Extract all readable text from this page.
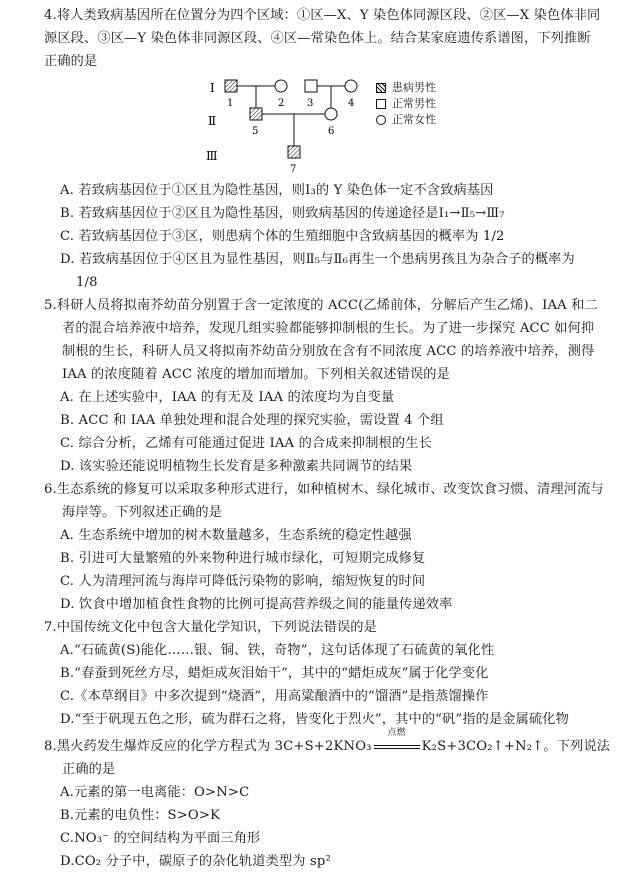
4.将人类致病基因所在位置分为四个区域：①区—X、Y 染色体同源区段、②区—X 染色体非同
源区段、③区—Y 染色体非同源区段、④区—常染色体上。结合某家庭遗传系谱图，下列推断
正确的是
Ⅰ
Ⅱ
Ⅲ
1	2 3	4
5	6
7
患病男性
正常男性
正常女性
A. 若致病基因位于①区且为隐性基因，则Ⅰ₃的 Y 染色体一定不含致病基因
B. 若致病基因位于②区且为隐性基因，则致病基因的传递途径是Ⅰ₁→Ⅱ₅→Ⅲ₇
C. 若致病基因位于③区，则患病个体的生殖细胞中含致病基因的概率为 1/2
D. 若致病基因位于④区且为显性基因，则Ⅱ₅与Ⅱ₆再生一个患病男孩且为杂合子的概率为
1/8
5.科研人员将拟南芥幼苗分别置于含一定浓度的 ACC(乙烯前体，分解后产生乙烯)、IAA 和二
者的混合培养液中培养，发现几组实验都能够抑制根的生长。为了进一步探究 ACC 如何抑
制根的生长，科研人员又将拟南芥幼苗分别放在含有不同浓度 ACC 的培养液中培养，测得
IAA 的浓度随着 ACC 浓度的增加而增加。下列相关叙述错误的是
A. 在上述实验中，IAA 的有无及 IAA 的浓度均为自变量
B. ACC 和 IAA 单独处理和混合处理的探究实验，需设置 4 个组
C. 综合分析，乙烯有可能通过促进 IAA 的合成来抑制根的生长
D. 该实验还能说明植物生长发育是多种激素共同调节的结果
6.生态系统的修复可以采取多种形式进行，如种植树木、绿化城市、改变饮食习惯、清理河流与
海岸等。下列叙述正确的是
A. 生态系统中增加的树木数量越多，生态系统的稳定性越强
B. 引进可大量繁殖的外来物种进行城市绿化，可短期完成修复
C. 人为清理河流与海岸可降低污染物的影响，缩短恢复的时间
D. 饮食中增加植食性食物的比例可提高营养级之间的能量传递效率
7.中国传统文化中包含大量化学知识，下列说法错误的是
A.“石硫黄(S)能化……银、铜、铁，奇物”，这句话体现了石硫黄的氧化性
B.“春蚕到死丝方尽，蜡炬成灰泪始干”，其中的“蜡炬成灰”属于化学变化
C.《本草纲目》中多次提到“烧酒”，用高粱酿酒中的“馏酒”是指蒸馏操作
D.“至于矾现五色之形，硫为群石之将，皆变化于烈火”，其中的“矾”指的是金属硫化物
8.黑火药发生爆炸反应的化学方程式为 3C+S+2KNO₃
点燃
K₂S+3CO₂↑+N₂↑。下列说法
正确的是
A.元素的第一电离能：O>N>C
B.元素的电负性：S>O>K
C.NO₃⁻ 的空间结构为平面三角形
D.CO₂ 分子中，碳原子的杂化轨道类型为 sp²
